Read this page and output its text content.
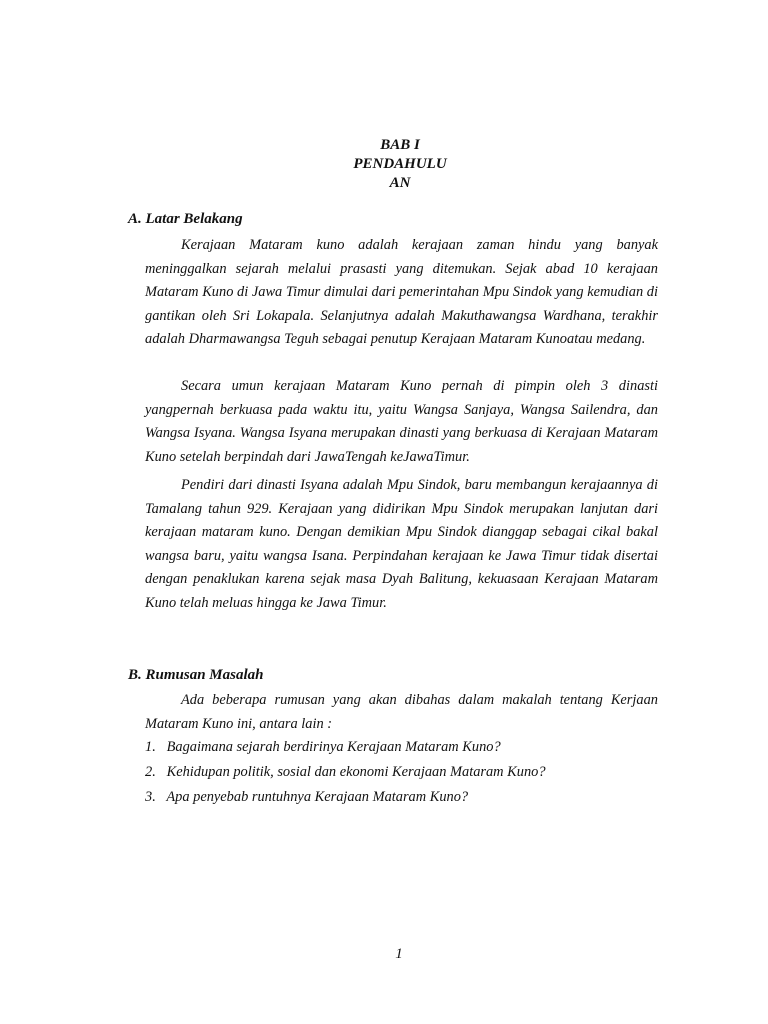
BAB I
PENDAHULU
AN
A. Latar Belakang

Kerajaan Mataram kuno adalah kerajaan zaman hindu yang banyak meninggalkan sejarah melalui prasasti yang ditemukan. Sejak abad 10 kerajaan Mataram Kuno di Jawa Timur dimulai dari pemerintahan Mpu Sindok yang kemudian di gantikan oleh Sri Lokapala. Selanjutnya adalah Makuthawangsa Wardhana, terakhir adalah Dharmawangsa Teguh sebagai penutup Kerajaan Mataram Kunoatau medang.

Secara umun kerajaan Mataram Kuno pernah di pimpin oleh 3 dinasti yangpernah berkuasa pada waktu itu, yaitu Wangsa Sanjaya, Wangsa Sailendra, dan Wangsa Isyana. Wangsa Isyana merupakan dinasti yang berkuasa di Kerajaan Mataram Kuno setelah berpindah dari JawaTengah keJawaTimur.

Pendiri dari dinasti Isyana adalah Mpu Sindok, baru membangun kerajaannya di Tamalang tahun 929. Kerajaan yang didirikan Mpu Sindok merupakan lanjutan dari kerajaan mataram kuno. Dengan demikian Mpu Sindok dianggap sebagai cikal bakal wangsa baru, yaitu wangsa Isana. Perpindahan kerajaan ke Jawa Timur tidak disertai dengan penaklukan karena sejak masa Dyah Balitung, kekuasaan Kerajaan Mataram Kuno telah meluas hingga ke Jawa Timur.

B. Rumusan Masalah

Ada beberapa rumusan yang akan dibahas dalam makalah tentang Kerjaan Mataram Kuno ini, antara lain :

1. Bagaimana sejarah berdirinya Kerajaan Mataram Kuno?
2. Kehidupan politik, sosial dan ekonomi Kerajaan Mataram Kuno?
3. Apa penyebab runtuhnya Kerajaan Mataram Kuno?
1
